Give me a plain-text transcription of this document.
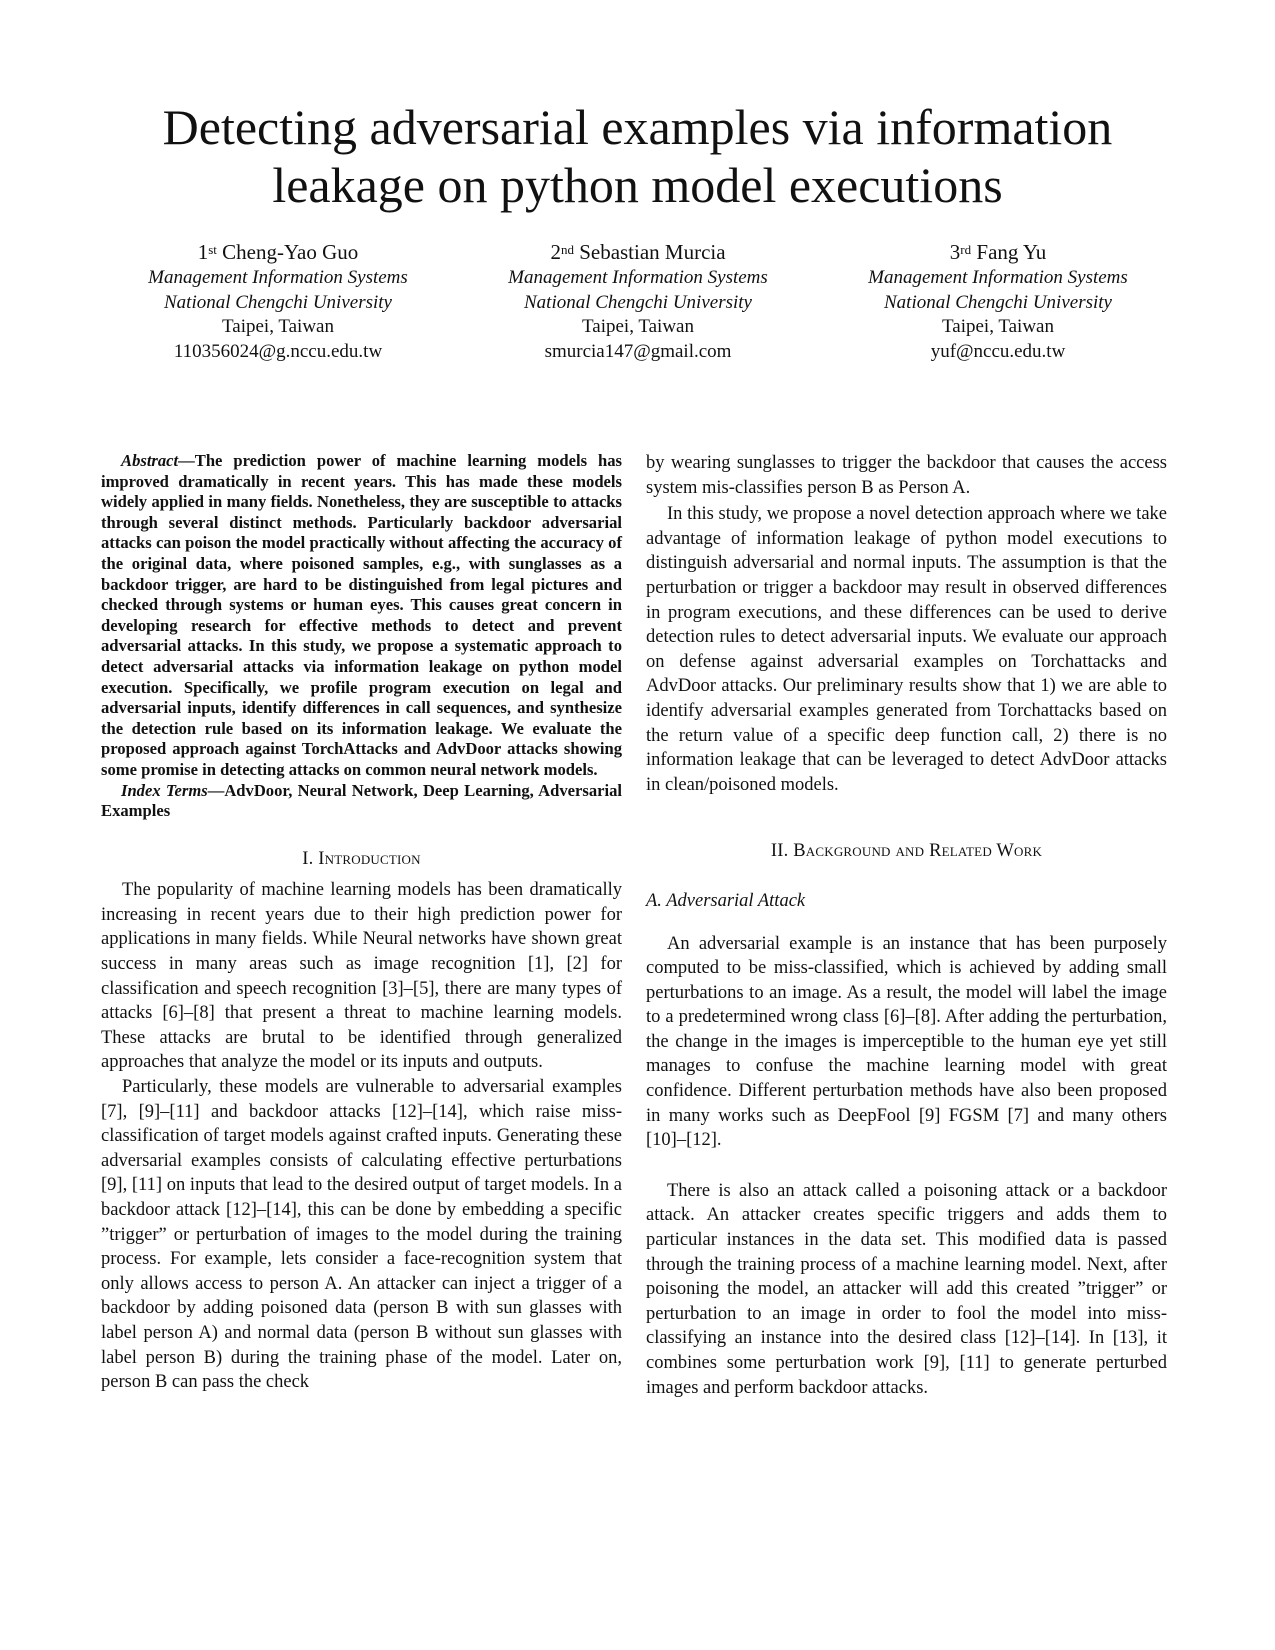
Detecting adversarial examples via information leakage on python model executions
1st Cheng-Yao Guo
Management Information Systems
National Chengchi University
Taipei, Taiwan
110356024@g.nccu.edu.tw
2nd Sebastian Murcia
Management Information Systems
National Chengchi University
Taipei, Taiwan
smurcia147@gmail.com
3rd Fang Yu
Management Information Systems
National Chengchi University
Taipei, Taiwan
yuf@nccu.edu.tw

Abstract—The prediction power of machine learning models has improved dramatically in recent years. This has made these models widely applied in many fields. Nonetheless, they are susceptible to attacks through several distinct methods. Particularly backdoor adversarial attacks can poison the model practically without affecting the accuracy of the original data, where poisoned samples, e.g., with sunglasses as a backdoor trigger, are hard to be distinguished from legal pictures and checked through systems or human eyes. This causes great concern in developing research for effective methods to detect and prevent adversarial attacks. In this study, we propose a systematic approach to detect adversarial attacks via information leakage on python model execution. Specifically, we profile program execution on legal and adversarial inputs, identify differences in call sequences, and synthesize the detection rule based on its information leakage. We evaluate the proposed approach against TorchAttacks and AdvDoor attacks showing some promise in detecting attacks on common neural network models.

Index Terms—AdvDoor, Neural Network, Deep Learning, Adversarial Examples

I. Introduction

The popularity of machine learning models has been dramatically increasing in recent years due to their high prediction power for applications in many fields. While Neural networks have shown great success in many areas such as image recognition [1], [2] for classification and speech recognition [3]–[5], there are many types of attacks [6]–[8] that present a threat to machine learning models. These attacks are brutal to be identified through generalized approaches that analyze the model or its inputs and outputs.

Particularly, these models are vulnerable to adversarial examples [7], [9]–[11] and backdoor attacks [12]–[14], which raise miss-classification of target models against crafted inputs. Generating these adversarial examples consists of calculating effective perturbations [9], [11] on inputs that lead to the desired output of target models. In a backdoor attack [12]–[14], this can be done by embedding a specific ”trigger” or perturbation of images to the model during the training process. For example, lets consider a face-recognition system that only allows access to person A. An attacker can inject a trigger of a backdoor by adding poisoned data (person B with sun glasses with label person A) and normal data (person B without sun glasses with label person B) during the training phase of the model. Later on, person B can pass the check

by wearing sunglasses to trigger the backdoor that causes the access system mis-classifies person B as Person A.

In this study, we propose a novel detection approach where we take advantage of information leakage of python model executions to distinguish adversarial and normal inputs. The assumption is that the perturbation or trigger a backdoor may result in observed differences in program executions, and these differences can be used to derive detection rules to detect adversarial inputs. We evaluate our approach on defense against adversarial examples on Torchattacks and AdvDoor attacks. Our preliminary results show that 1) we are able to identify adversarial examples generated from Torchattacks based on the return value of a specific deep function call, 2) there is no information leakage that can be leveraged to detect AdvDoor attacks in clean/poisoned models.

II. Background and Related Work
A. Adversarial Attack

An adversarial example is an instance that has been purposely computed to be miss-classified, which is achieved by adding small perturbations to an image. As a result, the model will label the image to a predetermined wrong class [6]–[8]. After adding the perturbation, the change in the images is imperceptible to the human eye yet still manages to confuse the machine learning model with great confidence. Different perturbation methods have also been proposed in many works such as DeepFool [9] FGSM [7] and many others [10]–[12].

There is also an attack called a poisoning attack or a backdoor attack. An attacker creates specific triggers and adds them to particular instances in the data set. This modified data is passed through the training process of a machine learning model. Next, after poisoning the model, an attacker will add this created ”trigger” or perturbation to an image in order to fool the model into miss-classifying an instance into the desired class [12]–[14]. In [13], it combines some perturbation work [9], [11] to generate perturbed images and perform backdoor attacks.
